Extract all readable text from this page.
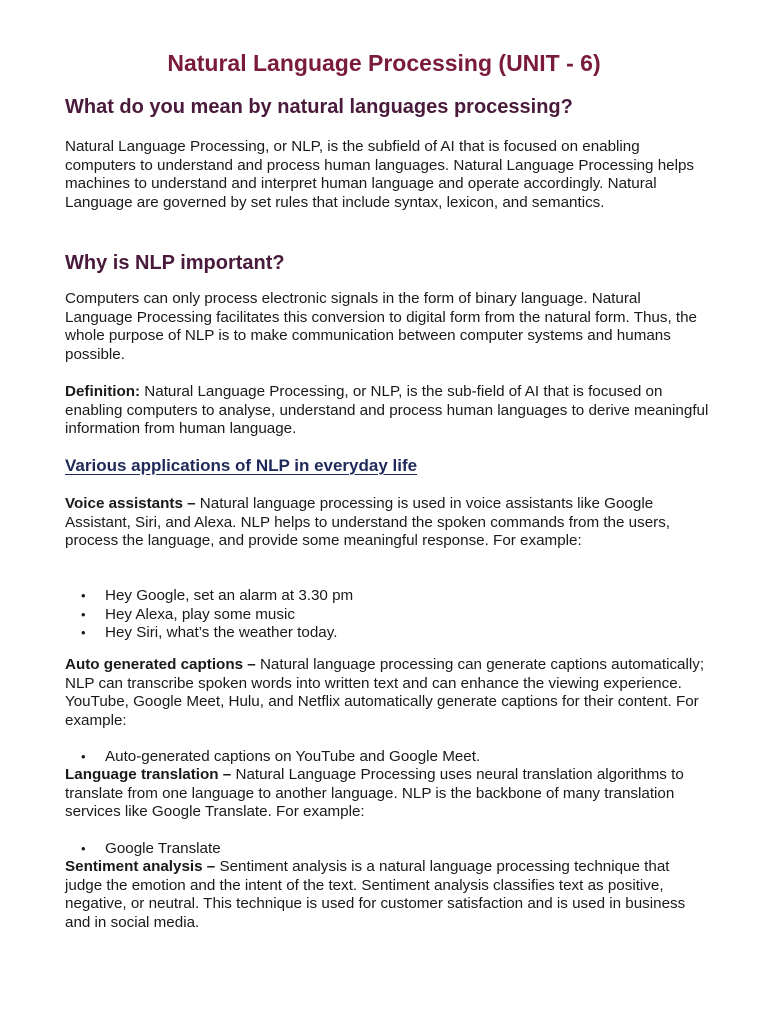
Natural Language Processing (UNIT - 6)
What do you mean by natural languages processing?

Natural Language Processing, or NLP, is the subfield of AI that is focused on enabling computers to understand and process human languages. Natural Language Processing helps machines to understand and interpret human language and operate accordingly. Natural Language are governed by set rules that include syntax, lexicon, and semantics.

Why is NLP important?

Computers can only process electronic signals in the form of binary language. Natural Language Processing facilitates this conversion to digital form from the natural form. Thus, the whole purpose of NLP is to make communication between computer systems and humans possible.

Definition: Natural Language Processing, or NLP, is the sub-field of AI that is focused on enabling computers to analyse, understand and process human languages to derive meaningful information from human language.

Various applications of NLP in everyday life

Voice assistants – Natural language processing is used in voice assistants like Google Assistant, Siri, and Alexa. NLP helps to understand the spoken commands from the users, process the language, and provide some meaningful response. For example:

• Hey Google, set an alarm at 3.30 pm
• Hey Alexa, play some music
• Hey Siri, what’s the weather today.

Auto generated captions – Natural language processing can generate captions automatically; NLP can transcribe spoken words into written text and can enhance the viewing experience. YouTube, Google Meet, Hulu, and Netflix automatically generate captions for their content. For example:

• Auto-generated captions on YouTube and Google Meet.

Language translation – Natural Language Processing uses neural translation algorithms to translate from one language to another language. NLP is the backbone of many translation services like Google Translate. For example:

• Google Translate

Sentiment analysis – Sentiment analysis is a natural language processing technique that judge the emotion and the intent of the text. Sentiment analysis classifies text as positive, negative, or neutral. This technique is used for customer satisfaction and is used in business and in social media.
